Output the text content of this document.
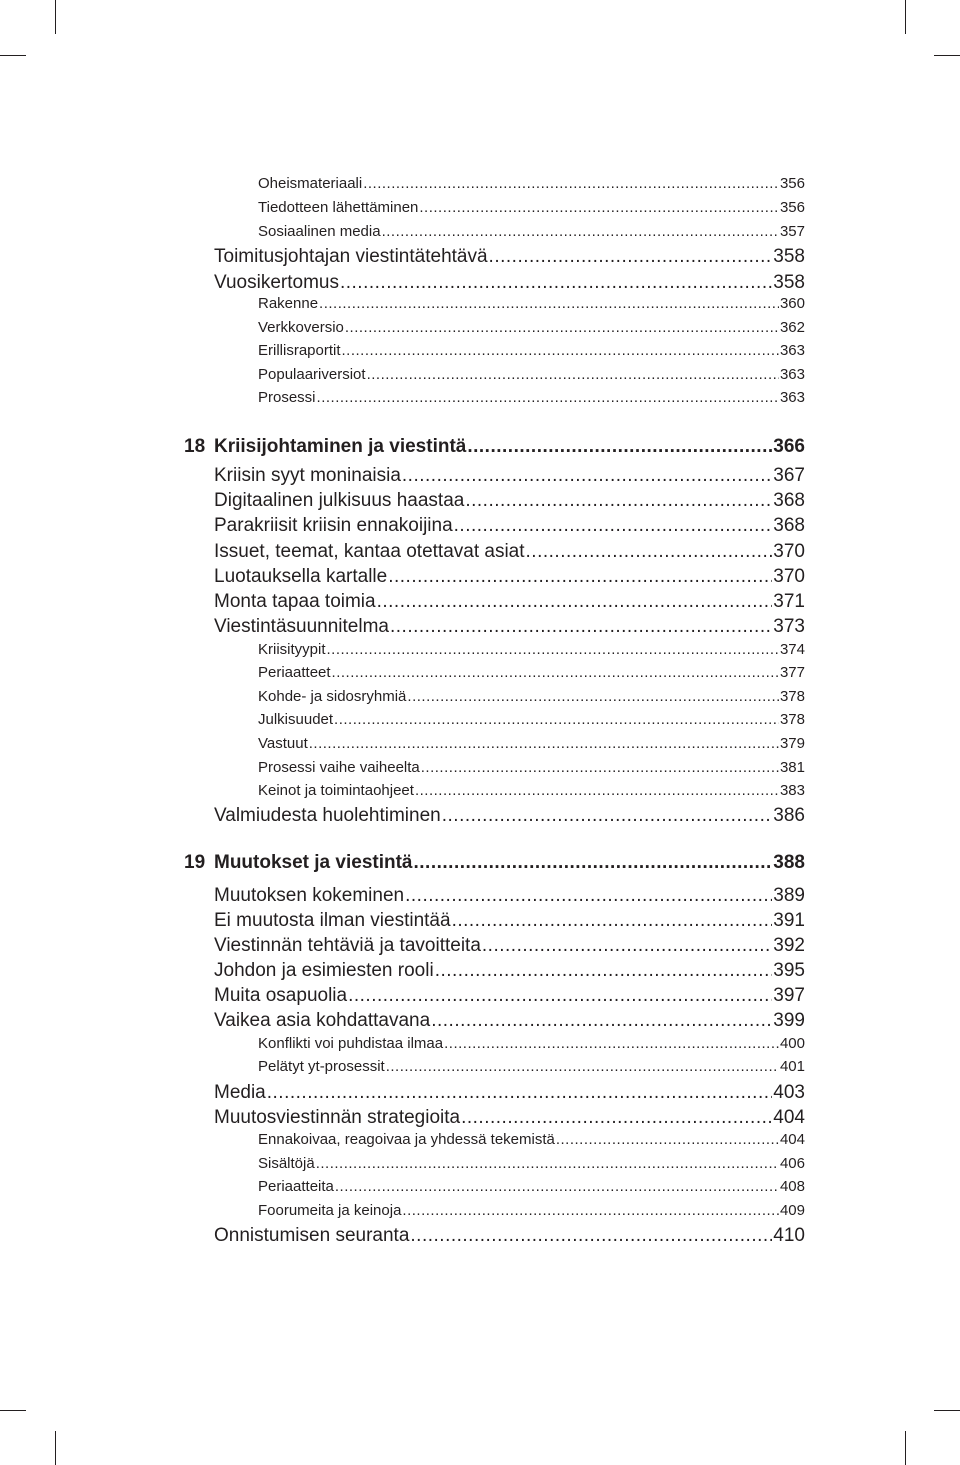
Oheismateriaali .....	356
Tiedotteen lähettäminen .....	356
Sosiaalinen media .....	357
Toimitusjohtajan viestintätehtävä .....	358
Vuosikertomus .....	358
Rakenne .....	360
Verkkoversio .....	362
Erillisraportit .....	363
Populaariversiot .....	363
Prosessi .....	363
18 Kriisijohtaminen ja viestintä .....	366
Kriisin syyt moninaisia .....	367
Digitaalinen julkisuus haastaa .....	368
Parakriisit kriisin ennakoijina .....	368
Issuet, teemat, kantaa otettavat asiat .....	370
Luotauksella kartalle .....	370
Monta tapaa toimia .....	371
Viestintäsuunnitelma .....	373
Kriisityypit .....	374
Periaatteet .....	377
Kohde- ja sidosryhmiä .....	378
Julkisuudet .....	378
Vastuut .....	379
Prosessi vaihe vaiheelta .....	381
Keinot ja toimintaohjeet .....	383
Valmiudesta huolehtiminen .....	386
19 Muutokset ja viestintä .....	388
Muutoksen kokeminen .....	389
Ei muutosta ilman viestintää .....	391
Viestinnän tehtäviä ja tavoitteita .....	392
Johdon ja esimiesten rooli .....	395
Muita osapuolia .....	397
Vaikea asia kohdattavana .....	399
Konflikti voi puhdistaa ilmaa .....	400
Pelätyt yt-prosessit .....	401
Media .....	403
Muutosviestinnän strategioita .....	404
Ennakoivaa, reagoivaa ja yhdessä tekemistä .....	404
Sisältöjä .....	406
Periaatteita .....	408
Foorumeita ja keinoja .....	409
Onnistumisen seuranta .....	410
